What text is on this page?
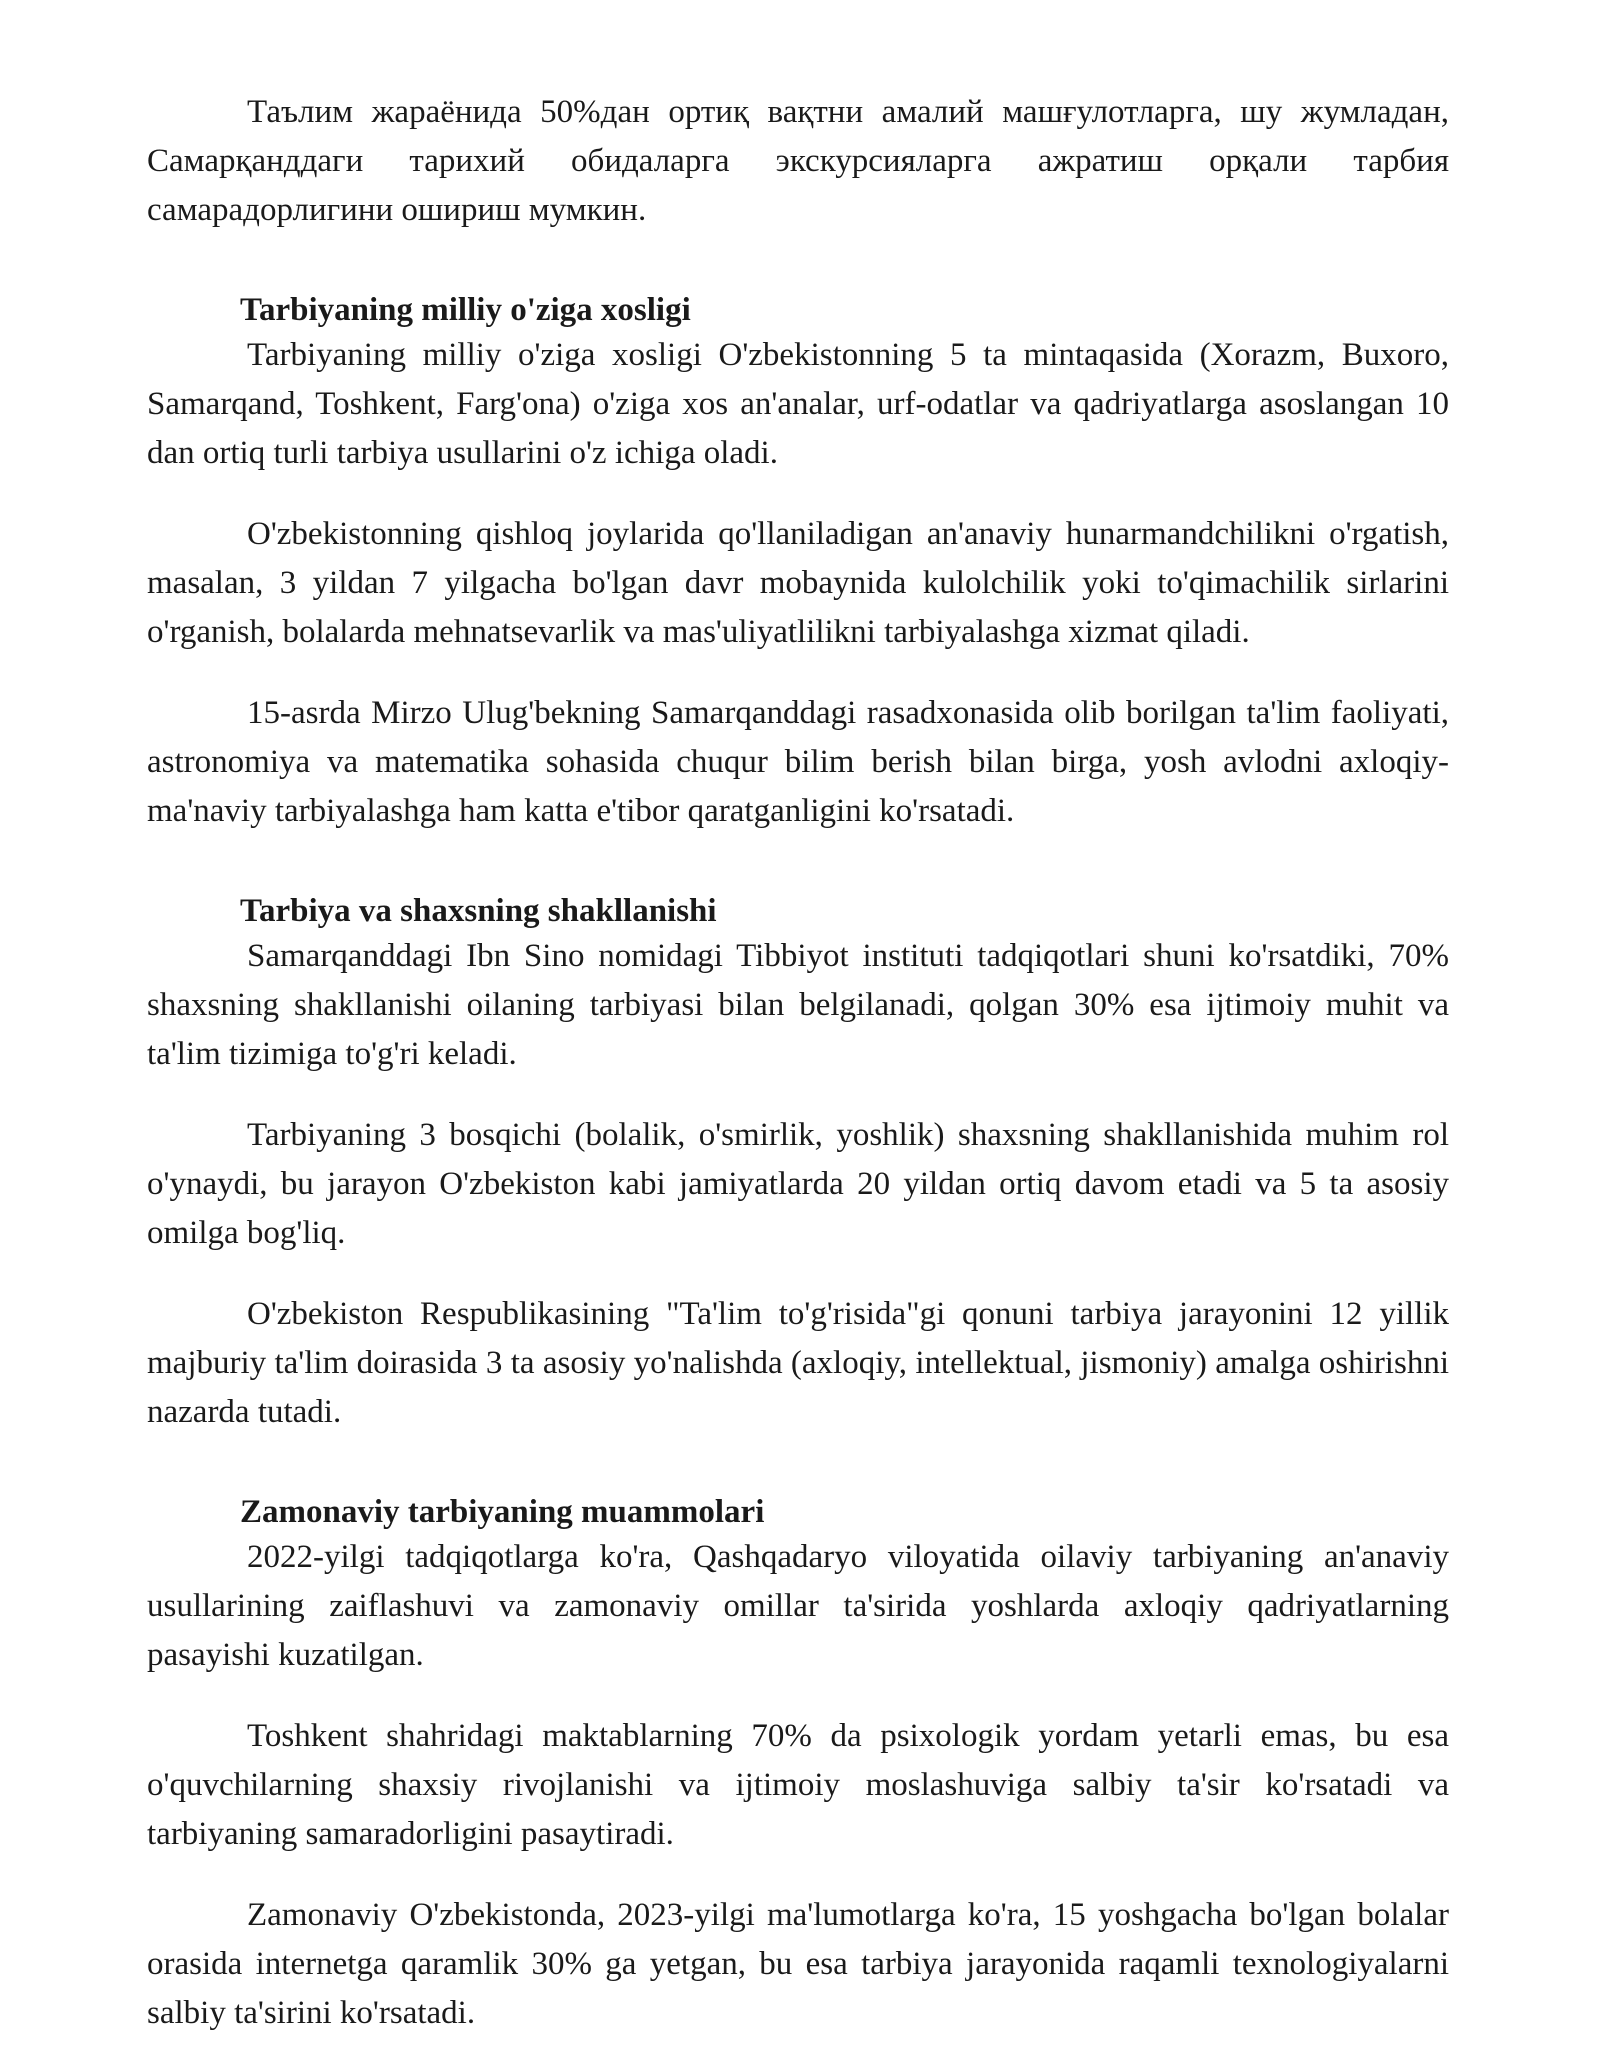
Таълим жараёнида 50%дан ортиқ вақтни амалий машғулотларга, шу жумладан, Самарқанддаги тарихий обидаларга экскурсияларга ажратиш орқали тарбия самарадорлигини ошириш мумкин.

Tarbiyaning milliy o'ziga xosligi

Tarbiyaning milliy o'ziga xosligi O'zbekistonning 5 ta mintaqasida (Xorazm, Buxoro, Samarqand, Toshkent, Farg'ona) o'ziga xos an'analar, urf-odatlar va qadriyatlarga asoslangan 10 dan ortiq turli tarbiya usullarini o'z ichiga oladi.

O'zbekistonning qishloq joylarida qo'llaniladigan an'anaviy hunarmandchilikni o'rgatish, masalan, 3 yildan 7 yilgacha bo'lgan davr mobaynida kulolchilik yoki to'qimachilik sirlarini o'rganish, bolalarda mehnatsevarlik va mas'uliyatlilikni tarbiyalashga xizmat qiladi.

15-asrda Mirzo Ulug'bekning Samarqanddagi rasadxonasida olib borilgan ta'lim faoliyati, astronomiya va matematika sohasida chuqur bilim berish bilan birga, yosh avlodni axloqiy-ma'naviy tarbiyalashga ham katta e'tibor qaratganligini ko'rsatadi.

Tarbiya va shaxsning shakllanishi

Samarqanddagi Ibn Sino nomidagi Tibbiyot instituti tadqiqotlari shuni ko'rsatdiki, 70% shaxsning shakllanishi oilaning tarbiyasi bilan belgilanadi, qolgan 30% esa ijtimoiy muhit va ta'lim tizimiga to'g'ri keladi.

Tarbiyaning 3 bosqichi (bolalik, o'smirlik, yoshlik) shaxsning shakllanishida muhim rol o'ynaydi, bu jarayon O'zbekiston kabi jamiyatlarda 20 yildan ortiq davom etadi va 5 ta asosiy omilga bog'liq.

O'zbekiston Respublikasining "Ta'lim to'g'risida"gi qonuni tarbiya jarayonini 12 yillik majburiy ta'lim doirasida 3 ta asosiy yo'nalishda (axloqiy, intellektual, jismoniy) amalga oshirishni nazarda tutadi.

Zamonaviy tarbiyaning muammolari

2022-yilgi tadqiqotlarga ko'ra, Qashqadaryo viloyatida oilaviy tarbiyaning an'anaviy usullarining zaiflashuvi va zamonaviy omillar ta'sirida yoshlarda axloqiy qadriyatlarning pasayishi kuzatilgan.

Toshkent shahridagi maktablarning 70% da psixologik yordam yetarli emas, bu esa o'quvchilarning shaxsiy rivojlanishi va ijtimoiy moslashuviga salbiy ta'sir ko'rsatadi va tarbiyaning samaradorligini pasaytiradi.

Zamonaviy O'zbekistonda, 2023-yilgi ma'lumotlarga ko'ra, 15 yoshgacha bo'lgan bolalar orasida internetga qaramlik 30% ga yetgan, bu esa tarbiya jarayonida raqamli texnologiyalarni salbiy ta'sirini ko'rsatadi.
